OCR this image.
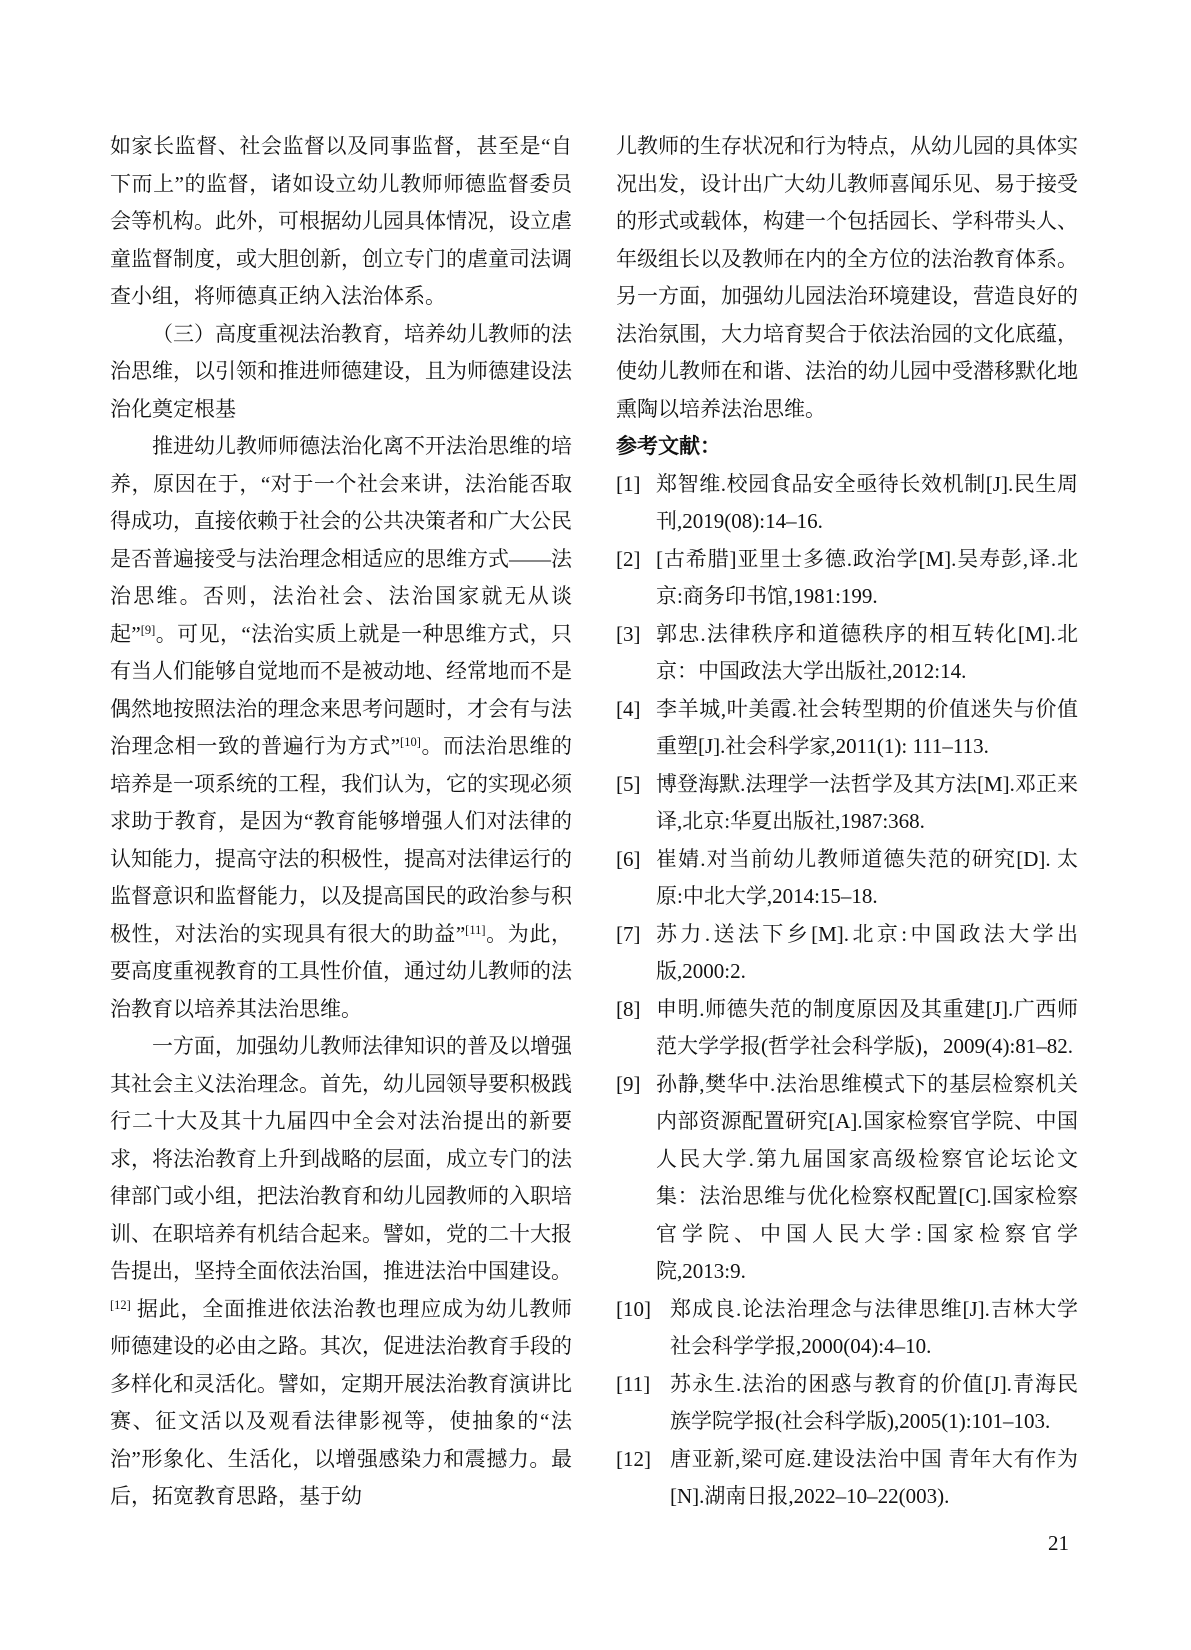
如家长监督、社会监督以及同事监督，甚至是“自下而上”的监督，诸如设立幼儿教师师德监督委员会等机构。此外，可根据幼儿园具体情况，设立虐童监督制度，或大胆创新，创立专门的虐童司法调查小组，将师德真正纳入法治体系。

（三）高度重视法治教育，培养幼儿教师的法治思维，以引领和推进师德建设，且为师德建设法治化奠定根基

推进幼儿教师师德法治化离不开法治思维的培养，原因在于，“对于一个社会来讲，法治能否取得成功，直接依赖于社会的公共决策者和广大公民是否普遍接受与法治理念相适应的思维方式——法治思维。否则，法治社会、法治国家就无从谈起”[9]。可见，“法治实质上就是一种思维方式，只有当人们能够自觉地而不是被动地、经常地而不是偶然地按照法治的理念来思考问题时，才会有与法治理念相一致的普遍行为方式”[10]。而法治思维的培养是一项系统的工程，我们认为，它的实现必须求助于教育，是因为“教育能够增强人们对法律的认知能力，提高守法的积极性，提高对法律运行的监督意识和监督能力，以及提高国民的政治参与积极性，对法治的实现具有很大的助益”[11]。为此，要高度重视教育的工具性价值，通过幼儿教师的法治教育以培养其法治思维。

一方面，加强幼儿教师法律知识的普及以增强其社会主义法治理念。首先，幼儿园领导要积极践行二十大及其十九届四中全会对法治提出的新要求，将法治教育上升到战略的层面，成立专门的法律部门或小组，把法治教育和幼儿园教师的入职培训、在职培养有机结合起来。譬如，党的二十大报告提出，坚持全面依法治国，推进法治中国建设。[12] 据此，全面推进依法治教也理应成为幼儿教师师德建设的必由之路。其次，促进法治教育手段的多样化和灵活化。譬如，定期开展法治教育演讲比赛、征文活以及观看法律影视等，使抽象的“法治”形象化、生活化，以增强感染力和震撼力。最后，拓宽教育思路，基于幼

儿教师的生存状况和行为特点，从幼儿园的具体实况出发，设计出广大幼儿教师喜闻乐见、易于接受的形式或载体，构建一个包括园长、学科带头人、年级组长以及教师在内的全方位的法治教育体系。另一方面，加强幼儿园法治环境建设，营造良好的法治氛围，大力培育契合于依法治园的文化底蕴，使幼儿教师在和谐、法治的幼儿园中受潜移默化地熏陶以培养法治思维。

参考文献：

[1] 郑智维.校园食品安全亟待长效机制[J].民生周刊,2019(08):14–16.
[2] [古希腊]亚里士多德.政治学[M].吴寿彭,译.北京:商务印书馆,1981:199.
[3] 郭忠.法律秩序和道德秩序的相互转化[M].北京：中国政法大学出版社,2012:14.
[4] 李羊城,叶美霞.社会转型期的价值迷失与价值重塑[J].社会科学家,2011(1): 111–113.
[5] 博登海默.法理学一法哲学及其方法[M].邓正来译,北京:华夏出版社,1987:368.
[6] 崔婧.对当前幼儿教师道德失范的研究[D]. 太原:中北大学,2014:15–18.
[7] 苏力.送法下乡[M].北京:中国政法大学出版,2000:2.
[8] 申明.师德失范的制度原因及其重建[J].广西师范大学学报(哲学社会科学版)，2009(4):81–82.
[9] 孙静,樊华中.法治思维模式下的基层检察机关内部资源配置研究[A].国家检察官学院、中国人民大学.第九届国家高级检察官论坛论文集：法治思维与优化检察权配置[C].国家检察官学院、中国人民大学:国家检察官学院,2013:9.
[10] 郑成良.论法治理念与法律思维[J].吉林大学社会科学学报,2000(04):4–10.
[11] 苏永生.法治的困惑与教育的价值[J].青海民族学院学报(社会科学版),2005(1):101–103.
[12] 唐亚新,梁可庭.建设法治中国 青年大有作为[N].湖南日报,2022–10–22(003).
21
